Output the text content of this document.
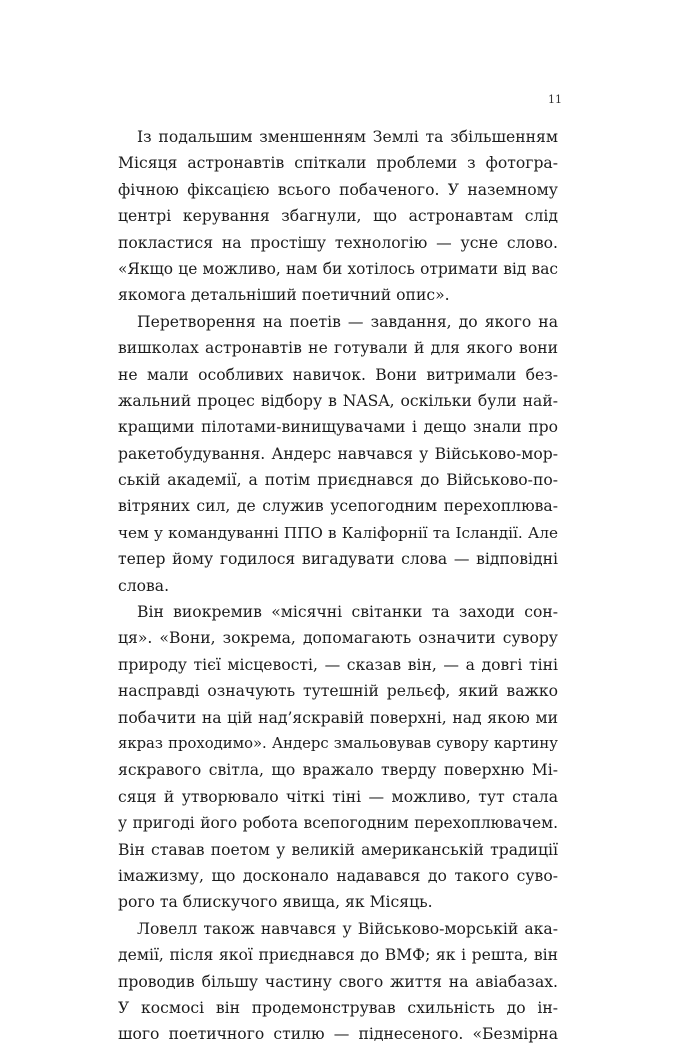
11
Із подальшим зменшенням Землі та збільшенням
Місяця астронавтів спіткали проблеми з фотогра-
фічною фіксацією всього побаченого. У наземному
центрі керування збагнули, що астронавтам слід
покластися на простішу технологію — усне слово.
«Якщо це можливо, нам би хотілось отримати від вас
якомога детальніший поетичний опис».
Перетворення на поетів — завдання, до якого на
вишколах астронавтів не готували й для якого вони
не мали особливих навичок. Вони витримали без-
жальний процес відбору в NASA, оскільки були най-
кращими пілотами-винищувачами і дещо знали про
ракетобудування. Андерс навчався у Військово-мор-
ській академії, а потім приєднався до Військово-по-
вітряних сил, де служив усепогодним перехоплюва-
чем у командуванні ППО в Каліфорнії та Ісландії. Але
тепер йому годилося вигадувати слова — відповідні
слова.
Він виокремив «місячні світанки та заходи сон-
ця». «Вони, зокрема, допомагають означити сувору
природу тієї місцевості, — сказав він, — а довгі тіні
насправді означують тутешній рельєф, який важко
побачити на цій над’яскравій поверхні, над якою ми
якраз проходимо». Андерс змальовував сувору картину
яскравого світла, що вражало тверду поверхню Мі-
сяця й утворювало чіткі тіні — можливо, тут стала
у пригоді його робота всепогодним перехоплювачем.
Він ставав поетом у великій американській традиції
імажизму, що досконало надавався до такого суво-
рого та блискучого явища, як Місяць.
Ловелл також навчався у Військово-морській ака-
демії, після якої приєднався до ВМФ; як і решта, він
проводив більшу частину свого життя на авіабазах.
У космосі він продемонстрував схильність до ін-
шого поетичного стилю — піднесеного. «Безмірна
